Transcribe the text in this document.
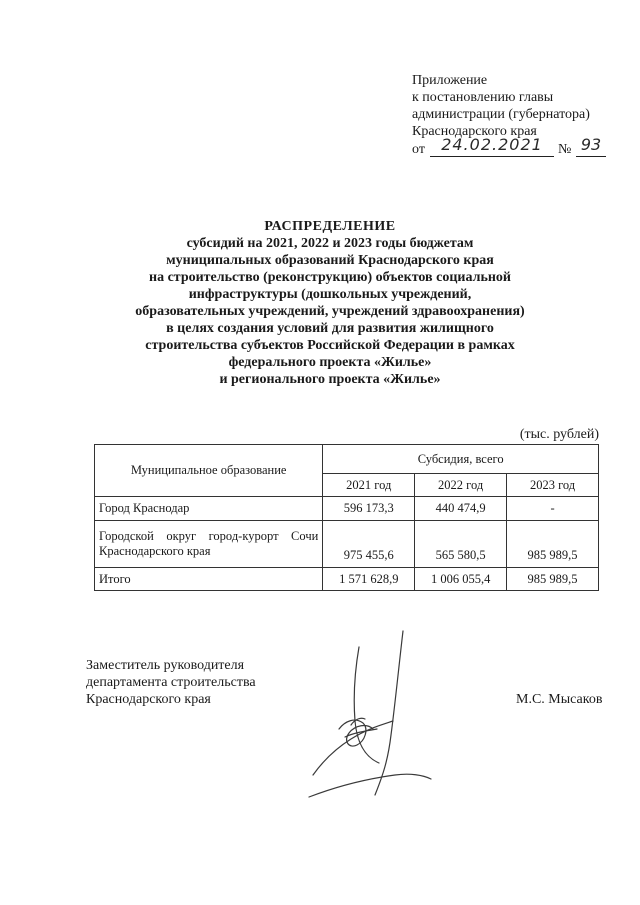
Приложение
к постановлению главы
администрации (губернатора)
Краснодарского края
от	24.02.2021	№ 93
РАСПРЕДЕЛЕНИЕ
субсидий на 2021, 2022 и 2023 годы бюджетам
муниципальных образований Краснодарского края
на строительство (реконструкцию) объектов социальной
инфраструктуры (дошкольных учреждений,
образовательных учреждений, учреждений здравоохранения)
в целях создания условий для развития жилищного
строительства субъектов Российской Федерации в рамках
федерального проекта «Жилье»
и регионального проекта «Жилье»
(тыс. рублей)
Муниципальное образование	Субсидия, всего		
	2021 год	2022 год	2023 год
Город Краснодар	596 173,3	440 474,9	-
Городской округ город-курорт Сочи Краснодарского края	975 455,6	565 580,5	985 989,5
Итого	1 571 628,9	1 006 055,4	985 989,5
Заместитель руководителя
департамента строительства
Краснодарского края	М.С. Мысаков
